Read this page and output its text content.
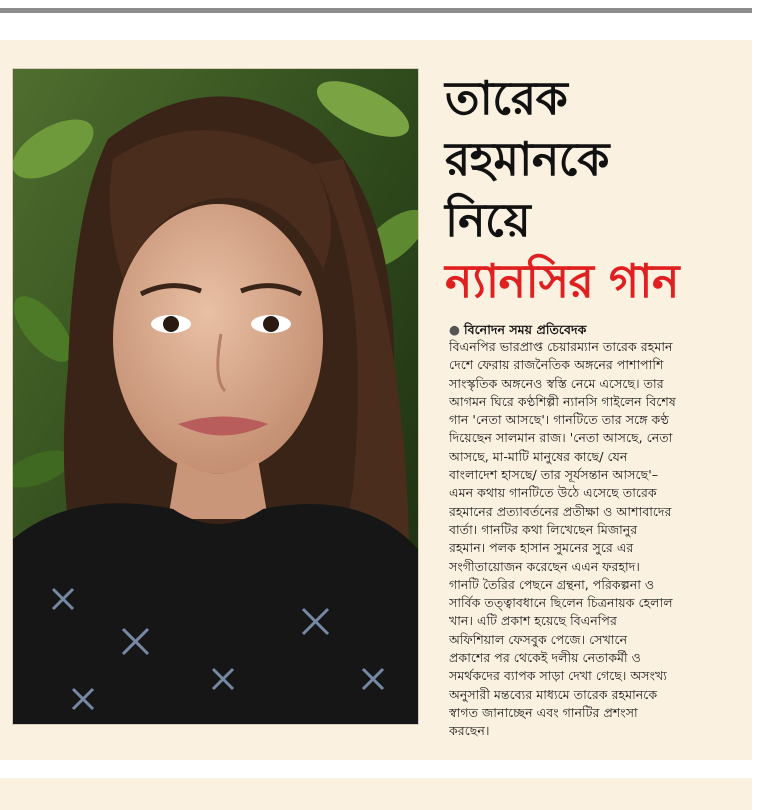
তারেক
রহমানকে
নিয়ে
ন্যানসির গান
● বিনোদন সময় প্রতিবেদক
বিএনপির ভারপ্রাপ্ত চেয়ারম্যান তারেক রহমান
দেশে ফেরায় রাজনৈতিক অঙ্গনের পাশাপাশি
সাংস্কৃতিক অঙ্গনেও স্বস্তি নেমে এসেছে। তার
আগমন ঘিরে কণ্ঠশিল্পী ন্যানসি গাইলেন বিশেষ
গান 'নেতা আসছে'। গানটিতে তার সঙ্গে কণ্ঠ
দিয়েছেন সালমান রাজ। 'নেতা আসছে, নেতা
আসছে, মা-মাটি মানুষের কাছে/ যেন
বাংলাদেশ হাসছে/ তার সূর্যসন্তান আসছে'–
এমন কথায় গানটিতে উঠে এসেছে তারেক
রহমানের প্রত্যাবর্তনের প্রতীক্ষা ও আশাবাদের
বার্তা। গানটির কথা লিখেছেন মিজানুর
রহমান। পলক হাসান সুমনের সুরে এর
সংগীতায়োজন করেছেন এএন ফরহাদ।
গানটি তৈরির পেছনে গ্রন্থনা, পরিকল্পনা ও
সার্বিক তত্ত্বাবধানে ছিলেন চিত্রনায়ক হেলাল
খান। এটি প্রকাশ হয়েছে বিএনপির
অফিশিয়াল ফেসবুক পেজে। সেখানে
প্রকাশের পর থেকেই দলীয় নেতাকর্মী ও
সমর্থকদের ব্যাপক সাড়া দেখা গেছে। অসংখ্য
অনুসারী মন্তব্যের মাধ্যমে তারেক রহমানকে
স্বাগত জানাচ্ছেন এবং গানটির প্রশংসা
করছেন।
